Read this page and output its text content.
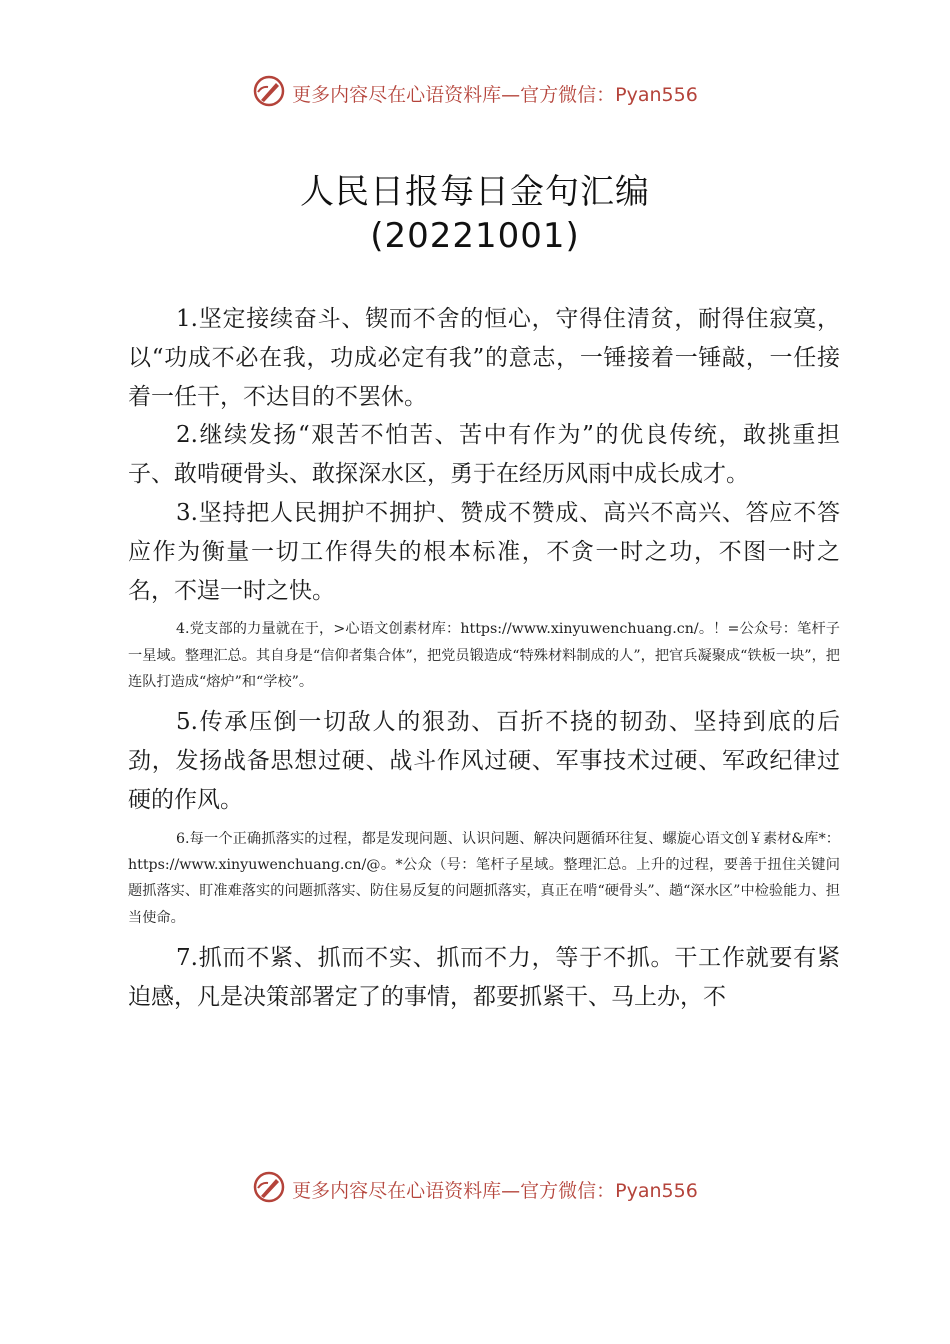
更多内容尽在心语资料库—官方微信：Pyan556
人民日报每日金句汇编
(20221001)

1.坚定接续奋斗、锲而不舍的恒心，守得住清贫，耐得住寂寞，以“功成不必在我，功成必定有我”的意志，一锤接着一锤敲，一任接着一任干，不达目的不罢休。

2.继续发扬“艰苦不怕苦、苦中有作为”的优良传统，敢挑重担子、敢啃硬骨头、敢探深水区，勇于在经历风雨中成长成才。

3.坚持把人民拥护不拥护、赞成不赞成、高兴不高兴、答应不答应作为衡量一切工作得失的根本标准，不贪一时之功，不图一时之名，不逞一时之快。

4.党支部的力量就在于，>心语文创素材库：https://www.xinyuwenchuang.cn/。！=公众号：笔杆子一星域。整理汇总。其自身是“信仰者集合体”，把党员锻造成“特殊材料制成的人”，把官兵凝聚成“铁板一块”，把连队打造成“熔炉”和“学校”。

5.传承压倒一切敌人的狠劲、百折不挠的韧劲、坚持到底的后劲，发扬战备思想过硬、战斗作风过硬、军事技术过硬、军政纪律过硬的作风。

6.每一个正确抓落实的过程，都是发现问题、认识问题、解决问题循环往复、螺旋心语文创￥素材&库*：https://www.xinyuwenchuang.cn/@。*公众（号：笔杆子星域。整理汇总。上升的过程，要善于扭住关键问题抓落实、盯准难落实的问题抓落实、防住易反复的问题抓落实，真正在啃“硬骨头”、趟“深水区”中检验能力、担当使命。

7.抓而不紧、抓而不实、抓而不力，等于不抓。干工作就要有紧迫感，凡是决策部署定了的事情，都要抓紧干、马上办，不

更多内容尽在心语资料库—官方微信：Pyan556
